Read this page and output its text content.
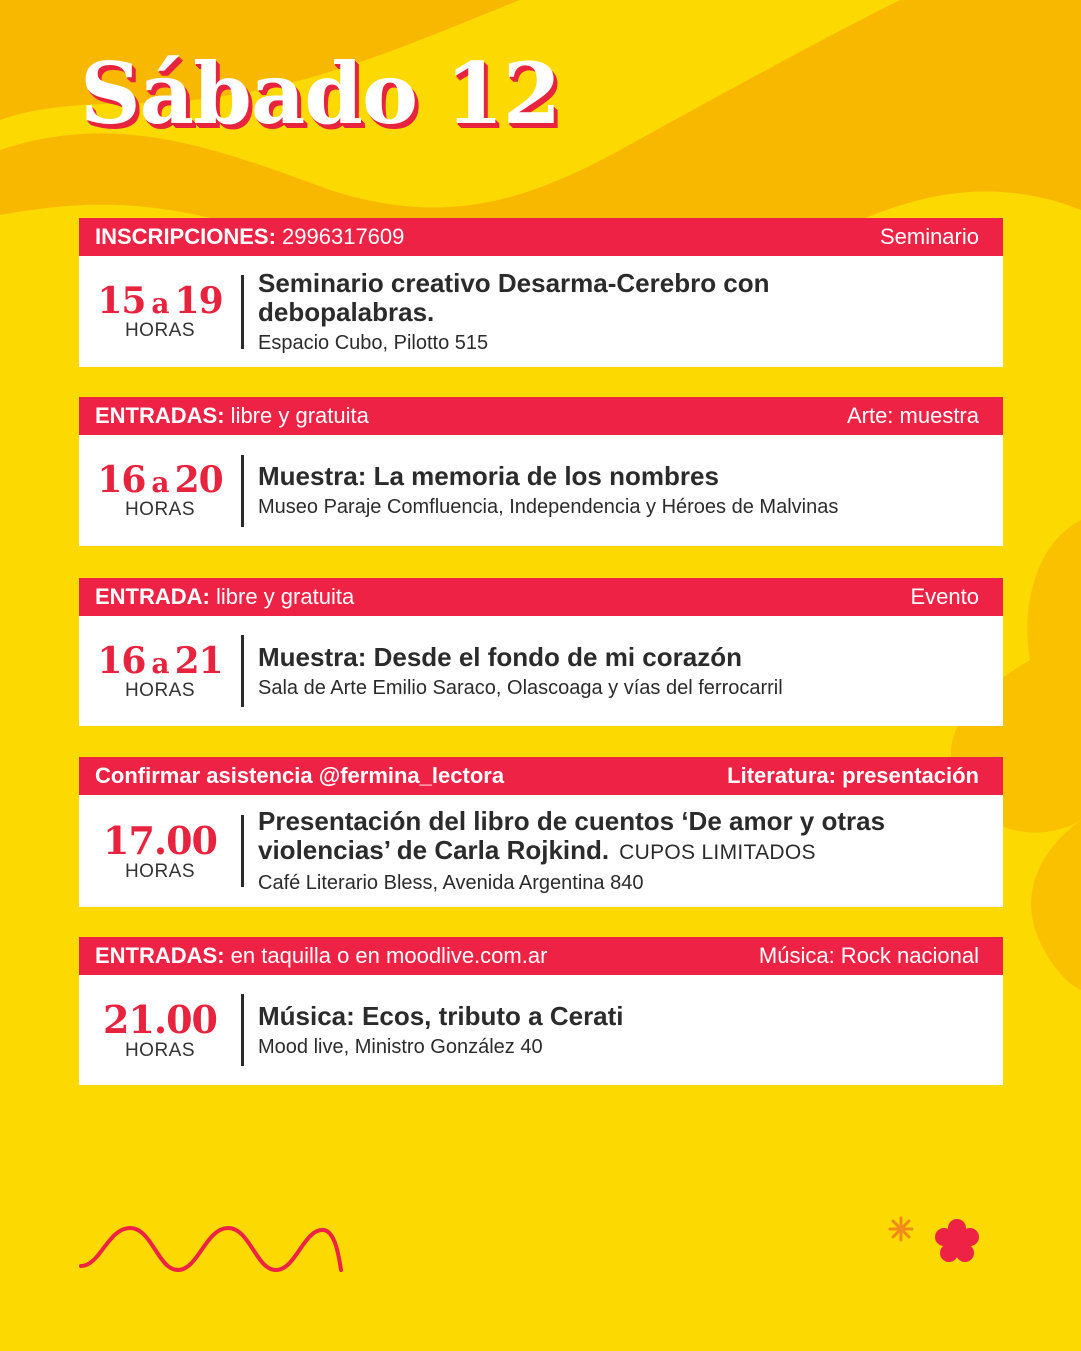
Sábado 12
INSCRIPCIONES: 2996317609	Seminario
15 a 19
HORAS
Seminario creativo Desarma-Cerebro con debopalabras.
Espacio Cubo, Pilotto 515
ENTRADAS: libre y gratuita	Arte: muestra
16 a 20
HORAS
Muestra: La memoria de los nombres
Museo Paraje Comfluencia, Independencia y Héroes de Malvinas
ENTRADA: libre y gratuita	Evento
16 a 21
HORAS
Muestra: Desde el fondo de mi corazón
Sala de Arte Emilio Saraco, Olascoaga y vías del ferrocarril
Confirmar asistencia @fermina_lectora	Literatura: presentación
17.00
HORAS
Presentación del libro de cuentos ‘De amor y otras violencias’ de Carla Rojkind. CUPOS LIMITADOS
Café Literario Bless, Avenida Argentina 840
ENTRADAS: en taquilla o en moodlive.com.ar	Música: Rock nacional
21.00
HORAS
Música: Ecos, tributo a Cerati
Mood live, Ministro González 40
